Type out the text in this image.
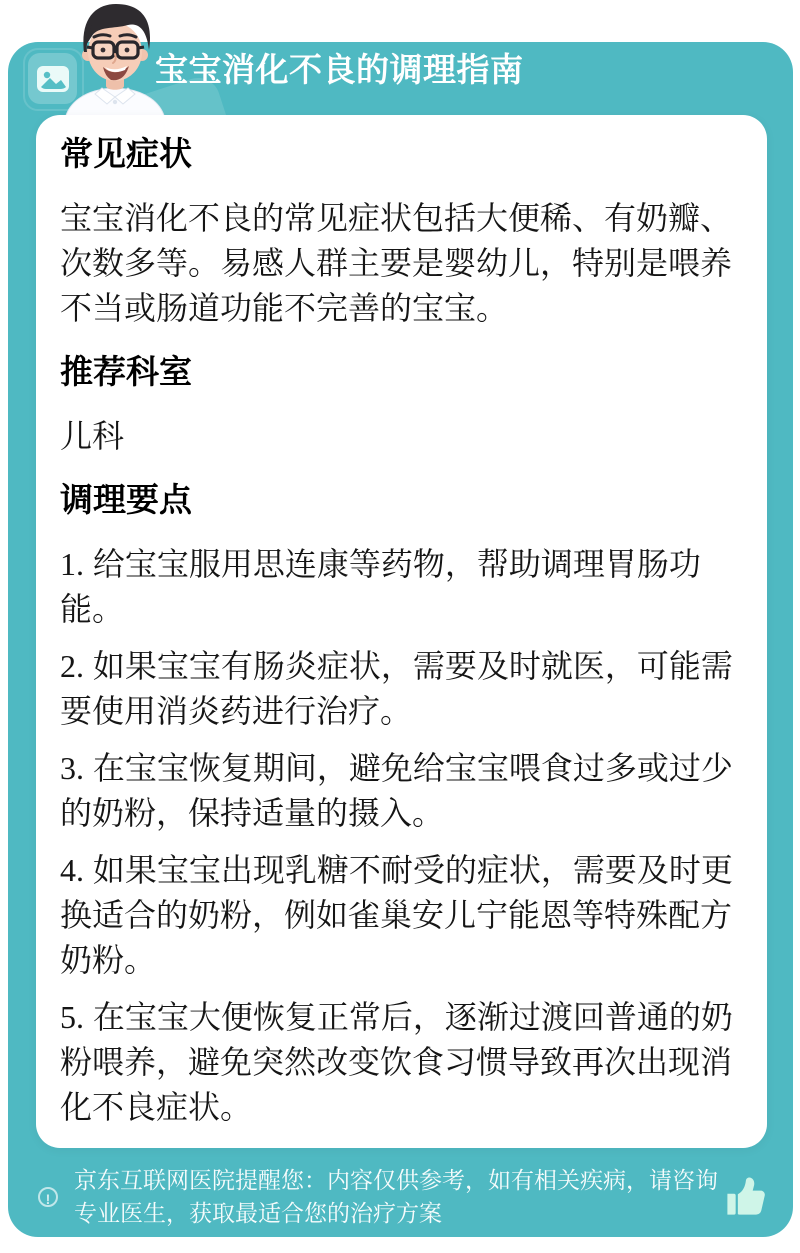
宝宝消化不良的调理指南
常见症状

宝宝消化不良的常见症状包括大便稀、有奶瓣、次数多等。易感人群主要是婴幼儿，特别是喂养不当或肠道功能不完善的宝宝。

推荐科室

儿科

调理要点

1. 给宝宝服用思连康等药物，帮助调理胃肠功能。

2. 如果宝宝有肠炎症状，需要及时就医，可能需要使用消炎药进行治疗。

3. 在宝宝恢复期间，避免给宝宝喂食过多或过少的奶粉，保持适量的摄入。

4. 如果宝宝出现乳糖不耐受的症状，需要及时更换适合的奶粉，例如雀巢安儿宁能恩等特殊配方奶粉。

5. 在宝宝大便恢复正常后，逐渐过渡回普通的奶粉喂养，避免突然改变饮食习惯导致再次出现消化不良症状。

!
京东互联网医院提醒您：内容仅供参考，如有相关疾病，请咨询专业医生，获取最适合您的治疗方案
